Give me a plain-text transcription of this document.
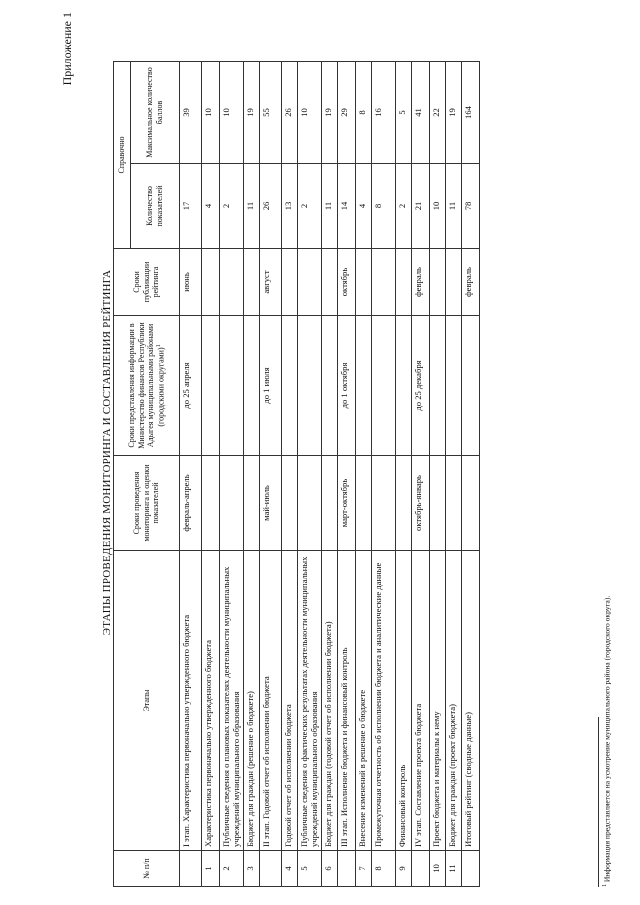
Приложение 1
ЭТАПЫ ПРОВЕДЕНИЯ МОНИТОРИНГА И СОСТАВЛЕНИЯ РЕЙТИНГА
№ п/п	Этапы	Сроки проведения мониторинга и оценки показателей	Сроки представления информации в Министерство финансов Республики Адыгея муниципальными районами (городскими округами)$^1$	Сроки публикации рейтинга	Справочно	
					Количество показателей	Максимальное количество баллов
	I этап. Характеристика первоначально утвержденного бюджета	февраль-апрель	до 25 апреля	июнь	17	39
1	Характеристика первоначально утвержденного бюджета				4	10
2	Публичные сведения о плановых показателях деятельности муниципальных учреждений муниципального образования				2	10
3	Бюджет для граждан (решение о бюджете)				11	19
	II этап. Годовой отчет об исполнении бюджета	май-июль	до 1 июля	август	26	55
4	Годовой отчет об исполнении бюджета				13	26
5	Публичные сведения о фактических результатах деятельности муниципальных учреждений муниципального образования				2	10
6	Бюджет для граждан (годовой отчет об исполнении бюджета)				11	19
	III этап. Исполнение бюджета и финансовый контроль	март-октябрь	до 1 октября	октябрь	14	29
7	Внесение изменений в решение о бюджете				4	8
8	Промежуточная отчетность об исполнении бюджета и аналитические данные				8	16
9	Финансовый контроль				2	5
	IV этап. Составление проекта бюджета	октябрь-январь	до 25 декабря	февраль	21	41
10	Проект бюджета и материалы к нему				10	22
11	Бюджет для граждан (проект бюджета)				11	19
	Итоговый рейтинг (сводные данные)			февраль	78	164
$^1$ Информация представляется на усмотрение муниципального района (городского округа).
